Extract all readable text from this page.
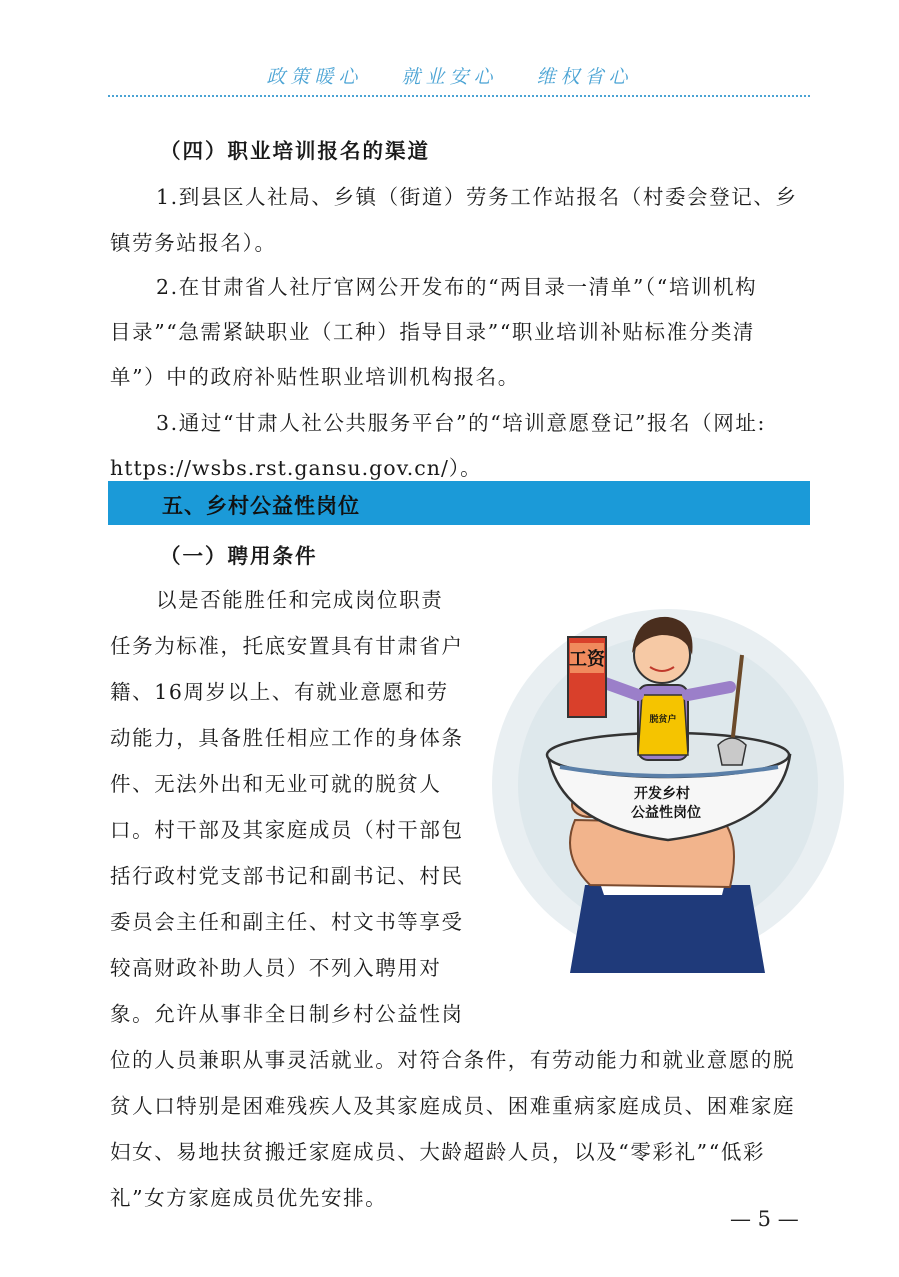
政策暖心 就业安心 维权省心
（四）职业培训报名的渠道
1.到县区人社局、乡镇（街道）劳务工作站报名（村委会登记、乡
镇劳务站报名）。
2.在甘肃省人社厅官网公开发布的“两目录一清单”（“培训机构
目录”“急需紧缺职业（工种）指导目录”“职业培训补贴标准分类清
单”）中的政府补贴性职业培训机构报名。
3.通过“甘肃人社公共服务平台”的“培训意愿登记”报名（网址:
https://wsbs.rst.gansu.gov.cn/）。
五、乡村公益性岗位
（一）聘用条件
以是否能胜任和完成岗位职责
任务为标准，托底安置具有甘肃省户
籍、16周岁以上、有就业意愿和劳
动能力，具备胜任相应工作的身体条
件、无法外出和无业可就的脱贫人
口。村干部及其家庭成员（村干部包
括行政村党支部书记和副书记、村民
委员会主任和副主任、村文书等享受
较高财政补助人员）不列入聘用对
象。允许从事非全日制乡村公益性岗
位的人员兼职从事灵活就业。对符合条件，有劳动能力和就业意愿的脱
贫人口特别是困难残疾人及其家庭成员、困难重病家庭成员、困难家庭
妇女、易地扶贫搬迁家庭成员、大龄超龄人员，以及“零彩礼”“低彩
礼”女方家庭成员优先安排。
开发乡村
公益性岗位
脱贫户
工资
— 5 —
